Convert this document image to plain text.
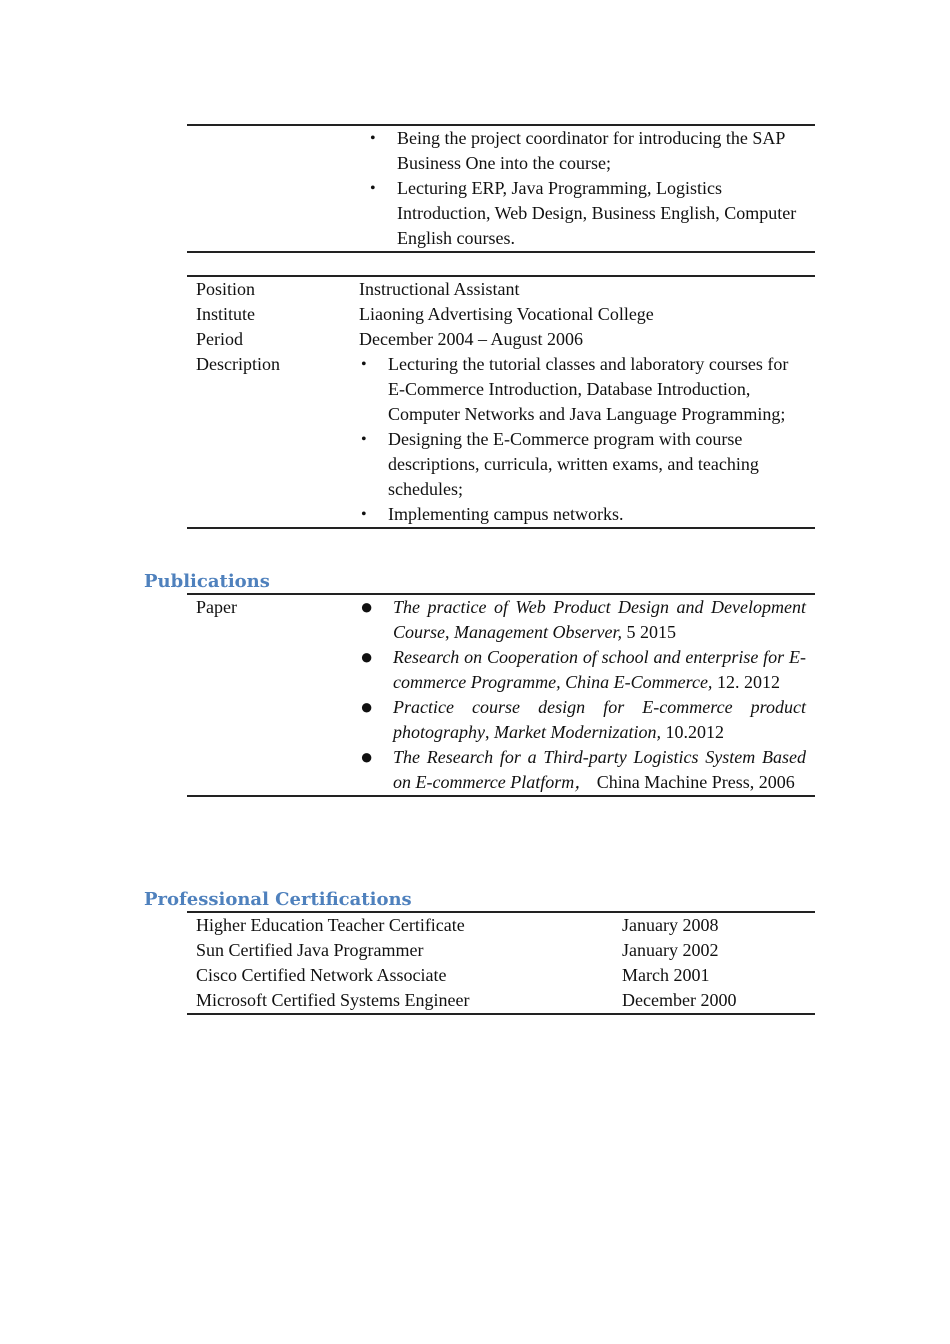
• Being the project coordinator for introducing the SAP Business One into the course;
• Lecturing ERP, Java Programming, Logistics Introduction, Web Design, Business English, Computer English courses.
Position	Instructional Assistant
Institute	Liaoning Advertising Vocational College
Period	December 2004 – August 2006
Description	• Lecturing the tutorial classes and laboratory courses for E-Commerce Introduction, Database Introduction, Computer Networks and Java Language Programming;
• Designing the E-Commerce program with course descriptions, curricula, written exams, and teaching schedules;
• Implementing campus networks.
Publications
Paper	● The practice of Web Product Design and Development Course, Management Observer, 5 2015
● Research on Cooperation of school and enterprise for E-commerce Programme, China E-Commerce, 12. 2012
● Practice course design for E-commerce product photography, Market Modernization, 10.2012
● The Research for a Third-party Logistics System Based on E-commerce Platform， China Machine Press, 2006
Professional Certifications
Higher Education Teacher Certificate	January 2008
Sun Certified Java Programmer	January 2002
Cisco Certified Network Associate	March 2001
Microsoft Certified Systems Engineer	December 2000
